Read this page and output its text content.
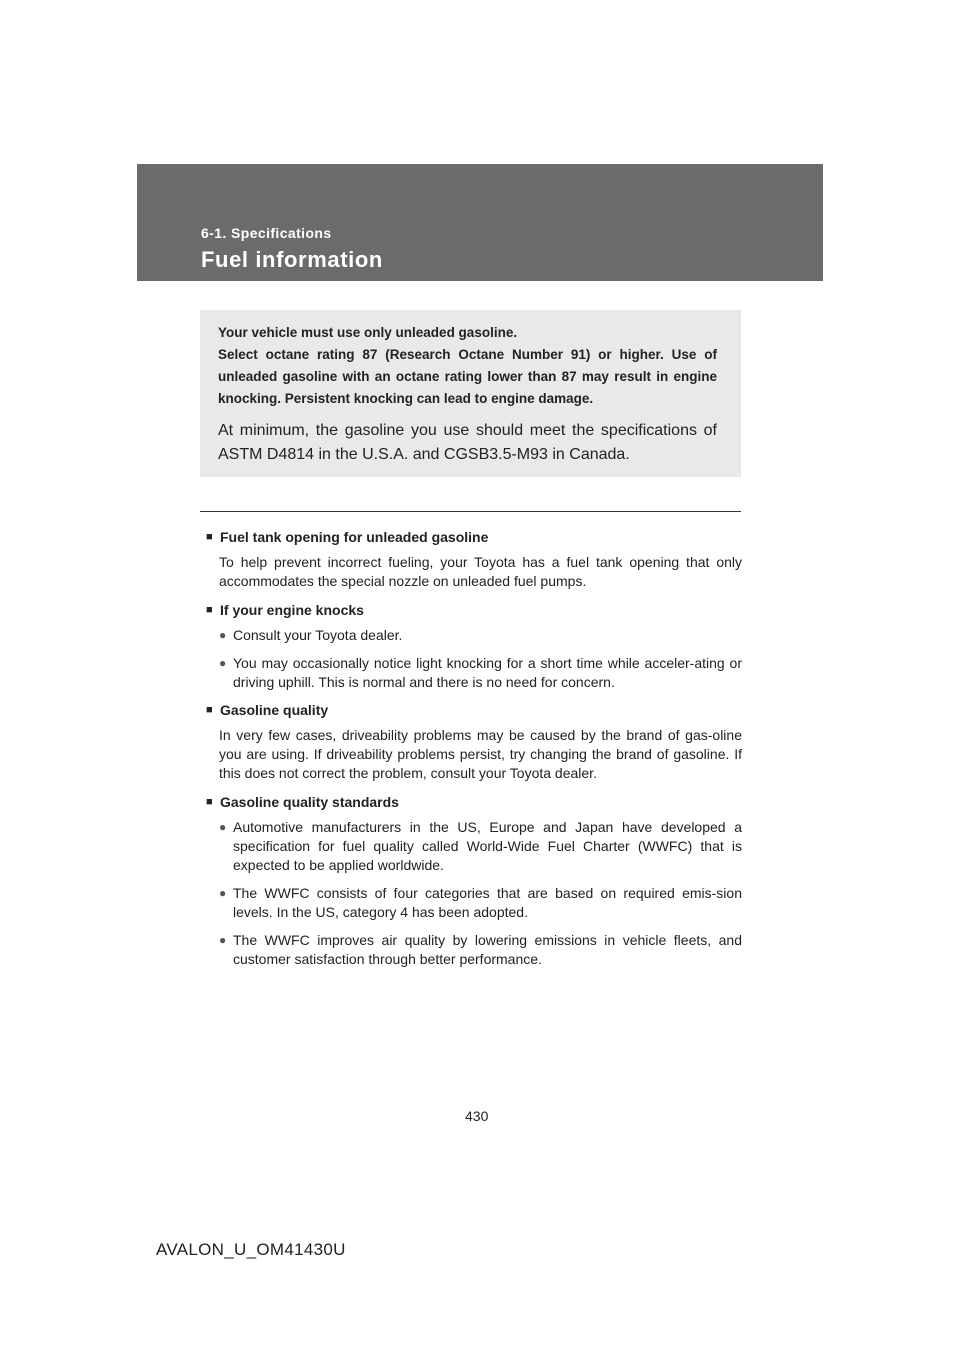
6-1. Specifications
Fuel information

Your vehicle must use only unleaded gasoline.

Select octane rating 87 (Research Octane Number 91) or higher. Use of unleaded gasoline with an octane rating lower than 87 may result in engine knocking. Persistent knocking can lead to engine damage.

At minimum, the gasoline you use should meet the specifications of ASTM D4814 in the U.S.A. and CGSB3.5-M93 in Canada.

■ Fuel tank opening for unleaded gasoline

To help prevent incorrect fueling, your Toyota has a fuel tank opening that only accommodates the special nozzle on unleaded fuel pumps.

■ If your engine knocks
● Consult your Toyota dealer.
● You may occasionally notice light knocking for a short time while acceler-ating or driving uphill. This is normal and there is no need for concern.
■ Gasoline quality

In very few cases, driveability problems may be caused by the brand of gas-oline you are using. If driveability problems persist, try changing the brand of gasoline. If this does not correct the problem, consult your Toyota dealer.

■ Gasoline quality standards
● Automotive manufacturers in the US, Europe and Japan have developed a specification for fuel quality called World-Wide Fuel Charter (WWFC) that is expected to be applied worldwide.
● The WWFC consists of four categories that are based on required emis-sion levels. In the US, category 4 has been adopted.
● The WWFC improves air quality by lowering emissions in vehicle fleets, and customer satisfaction through better performance.
430
AVALON_U_OM41430U
